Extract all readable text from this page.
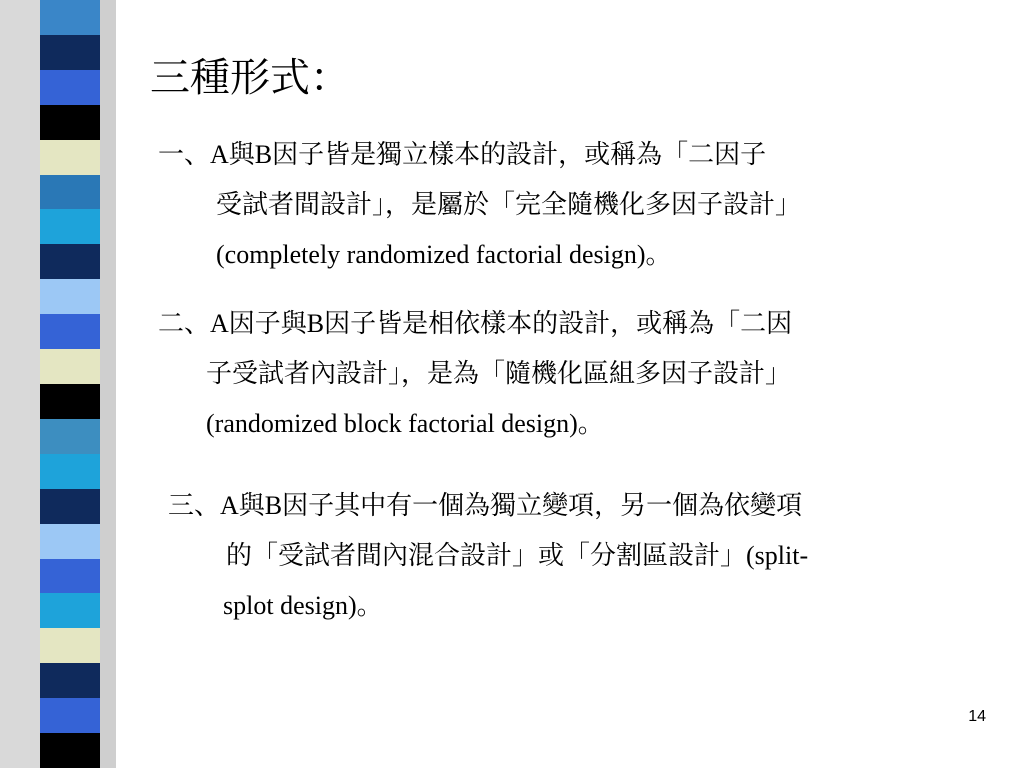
三種形式：
一、A與B因子皆是獨立樣本的設計，或稱為「二因子
受試者間設計」，是屬於「完全隨機化多因子設計」
(completely randomized factorial design)。
二、A因子與B因子皆是相依樣本的設計，或稱為「二因
子受試者內設計」，是為「隨機化區組多因子設計」
(randomized block factorial design)。
三、A與B因子其中有一個為獨立變項，另一個為依變項
的「受試者間內混合設計」或「分割區設計」(split-
splot design)。
14
